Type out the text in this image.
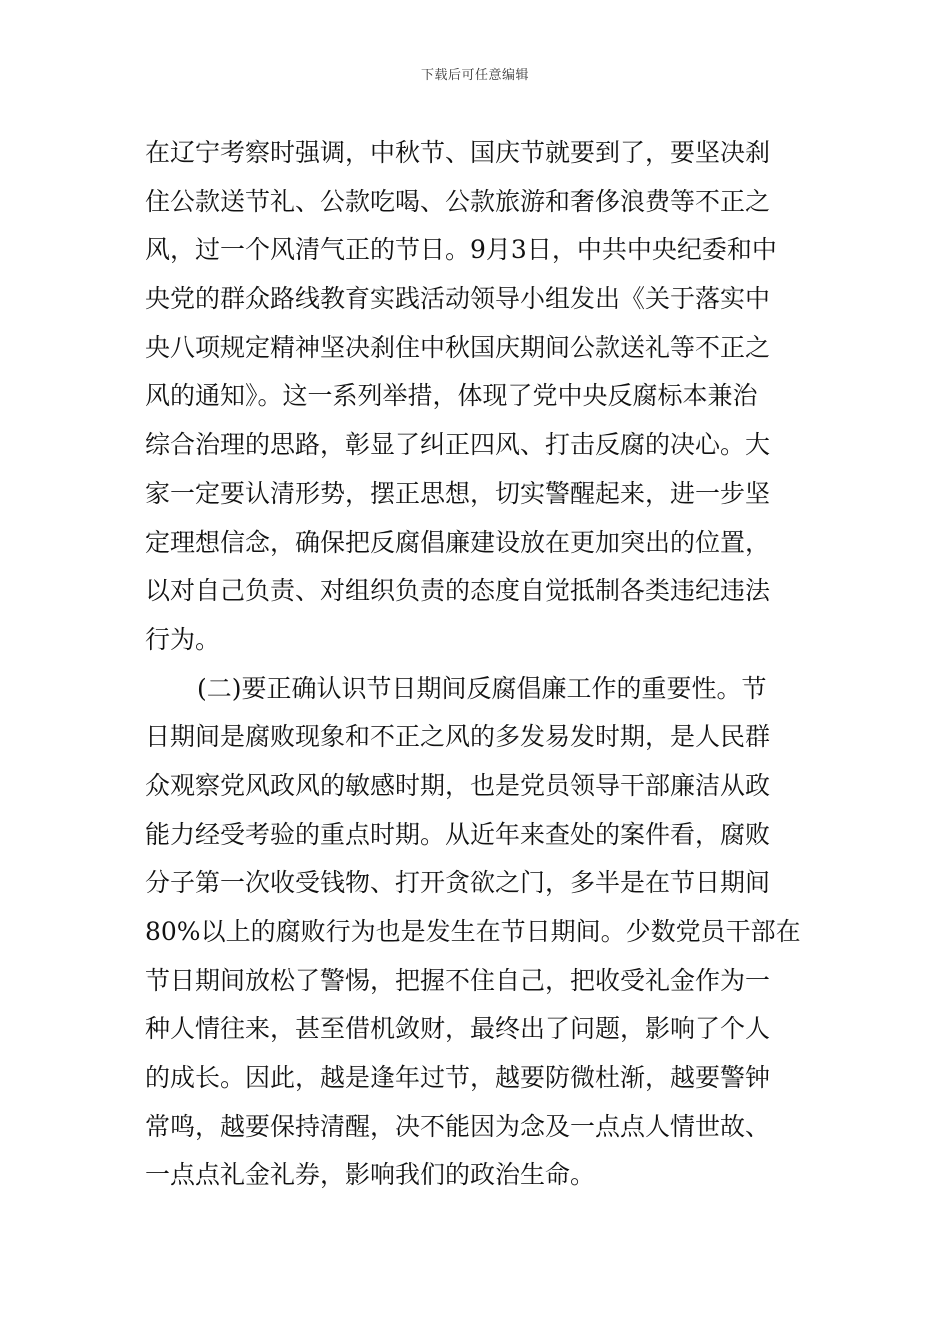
下载后可任意编辑
在辽宁考察时强调，中秋节、国庆节就要到了，要坚决刹
住公款送节礼、公款吃喝、公款旅游和奢侈浪费等不正之
风，过一个风清气正的节日。9月3日，中共中央纪委和中
央党的群众路线教育实践活动领导小组发出《关于落实中
央八项规定精神坚决刹住中秋国庆期间公款送礼等不正之
风的通知》。这一系列举措，体现了党中央反腐标本兼治
综合治理的思路，彰显了纠正四风、打击反腐的决心。大
家一定要认清形势，摆正思想，切实警醒起来，进一步坚
定理想信念，确保把反腐倡廉建设放在更加突出的位置，
以对自己负责、对组织负责的态度自觉抵制各类违纪违法
行为。
(二)要正确认识节日期间反腐倡廉工作的重要性。节
日期间是腐败现象和不正之风的多发易发时期，是人民群
众观察党风政风的敏感时期，也是党员领导干部廉洁从政
能力经受考验的重点时期。从近年来查处的案件看，腐败
分子第一次收受钱物、打开贪欲之门，多半是在节日期间
80%以上的腐败行为也是发生在节日期间。少数党员干部在
节日期间放松了警惕，把握不住自己，把收受礼金作为一
种人情往来，甚至借机敛财，最终出了问题，影响了个人
的成长。因此，越是逢年过节，越要防微杜渐，越要警钟
常鸣，越要保持清醒，决不能因为念及一点点人情世故、
一点点礼金礼券，影响我们的政治生命。
